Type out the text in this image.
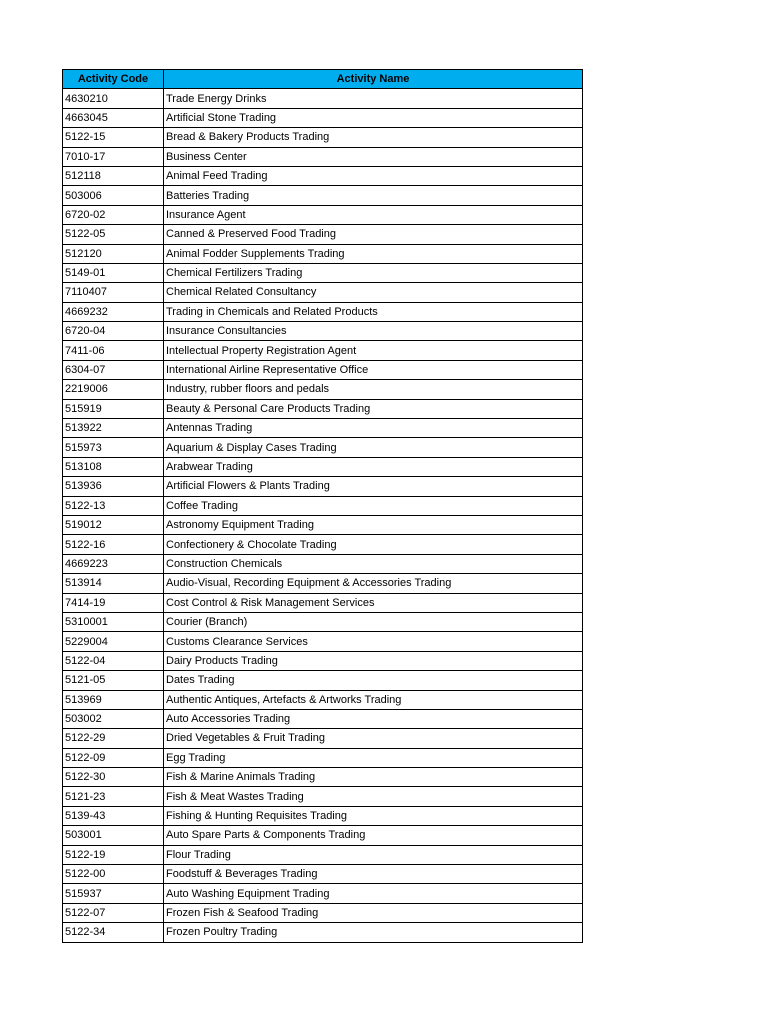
Activity Code	Activity Name
4630210	Trade Energy Drinks
4663045	Artificial Stone Trading
5122-15	Bread & Bakery Products Trading
7010-17	Business Center
512118	Animal Feed Trading
503006	Batteries Trading
6720-02	Insurance Agent
5122-05	Canned & Preserved Food Trading
512120	Animal Fodder Supplements Trading
5149-01	Chemical Fertilizers Trading
7110407	Chemical Related Consultancy
4669232	Trading in Chemicals and Related Products
6720-04	Insurance Consultancies
7411-06	Intellectual Property Registration Agent
6304-07	International Airline Representative Office
2219006	Industry, rubber floors and pedals
515919	Beauty & Personal Care Products Trading
513922	Antennas Trading
515973	Aquarium & Display Cases Trading
513108	Arabwear Trading
513936	Artificial Flowers & Plants Trading
5122-13	Coffee Trading
519012	Astronomy Equipment Trading
5122-16	Confectionery & Chocolate Trading
4669223	Construction Chemicals
513914	Audio-Visual, Recording Equipment & Accessories Trading
7414-19	Cost Control & Risk Management Services
5310001	Courier (Branch)
5229004	Customs Clearance Services
5122-04	Dairy Products Trading
5121-05	Dates Trading
513969	Authentic Antiques, Artefacts & Artworks Trading
503002	Auto Accessories Trading
5122-29	Dried Vegetables & Fruit Trading
5122-09	Egg Trading
5122-30	Fish & Marine Animals Trading
5121-23	Fish & Meat Wastes Trading
5139-43	Fishing & Hunting Requisites Trading
503001	Auto Spare Parts & Components Trading
5122-19	Flour Trading
5122-00	Foodstuff & Beverages Trading
515937	Auto Washing Equipment Trading
5122-07	Frozen Fish & Seafood Trading
5122-34	Frozen Poultry Trading
